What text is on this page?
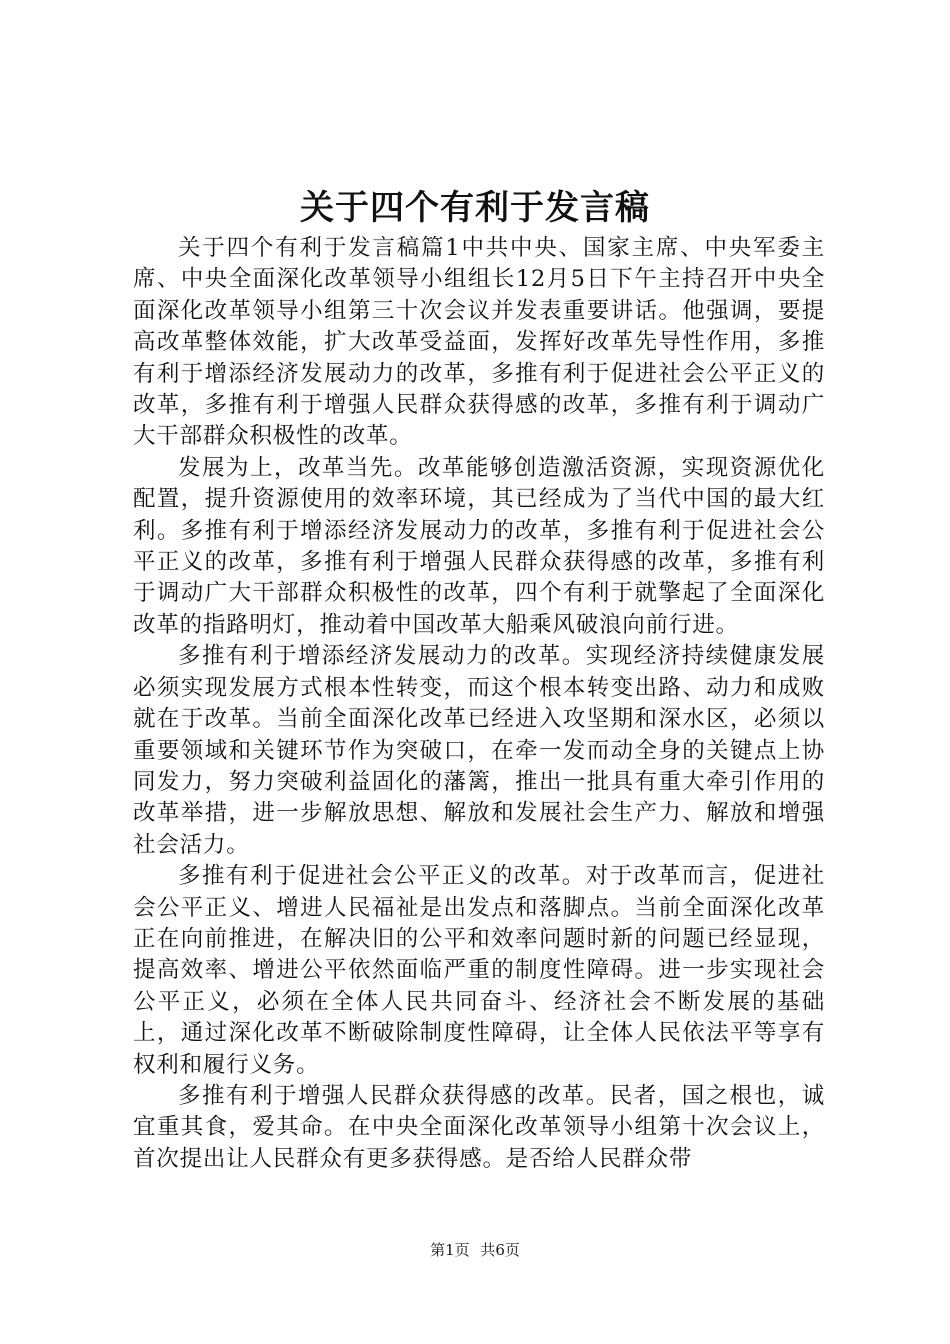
关于四个有利于发言稿

关于四个有利于发言稿篇1中共中央、国家主席、中央军委主席、中央全面深化改革领导小组组长12月5日下午主持召开中央全面深化改革领导小组第三十次会议并发表重要讲话。他强调，要提高改革整体效能，扩大改革受益面，发挥好改革先导性作用，多推有利于增添经济发展动力的改革，多推有利于促进社会公平正义的改革，多推有利于增强人民群众获得感的改革，多推有利于调动广大干部群众积极性的改革。

发展为上，改革当先。改革能够创造激活资源，实现资源优化配置，提升资源使用的效率环境，其已经成为了当代中国的最大红利。多推有利于增添经济发展动力的改革，多推有利于促进社会公平正义的改革，多推有利于增强人民群众获得感的改革，多推有利于调动广大干部群众积极性的改革，四个有利于就擎起了全面深化改革的指路明灯，推动着中国改革大船乘风破浪向前行进。

多推有利于增添经济发展动力的改革。实现经济持续健康发展必须实现发展方式根本性转变，而这个根本转变出路、动力和成败就在于改革。当前全面深化改革已经进入攻坚期和深水区，必须以重要领域和关键环节作为突破口，在牵一发而动全身的关键点上协同发力，努力突破利益固化的藩篱，推出一批具有重大牵引作用的改革举措，进一步解放思想、解放和发展社会生产力、解放和增强社会活力。

多推有利于促进社会公平正义的改革。对于改革而言，促进社会公平正义、增进人民福祉是出发点和落脚点。当前全面深化改革正在向前推进，在解决旧的公平和效率问题时新的问题已经显现，提高效率、增进公平依然面临严重的制度性障碍。进一步实现社会公平正义，必须在全体人民共同奋斗、经济社会不断发展的基础上，通过深化改革不断破除制度性障碍，让全体人民依法平等享有权利和履行义务。

多推有利于增强人民群众获得感的改革。民者，国之根也，诚宜重其食，爱其命。在中央全面深化改革领导小组第十次会议上，首次提出让人民群众有更多获得感。是否给人民群众带

第1页 共6页
